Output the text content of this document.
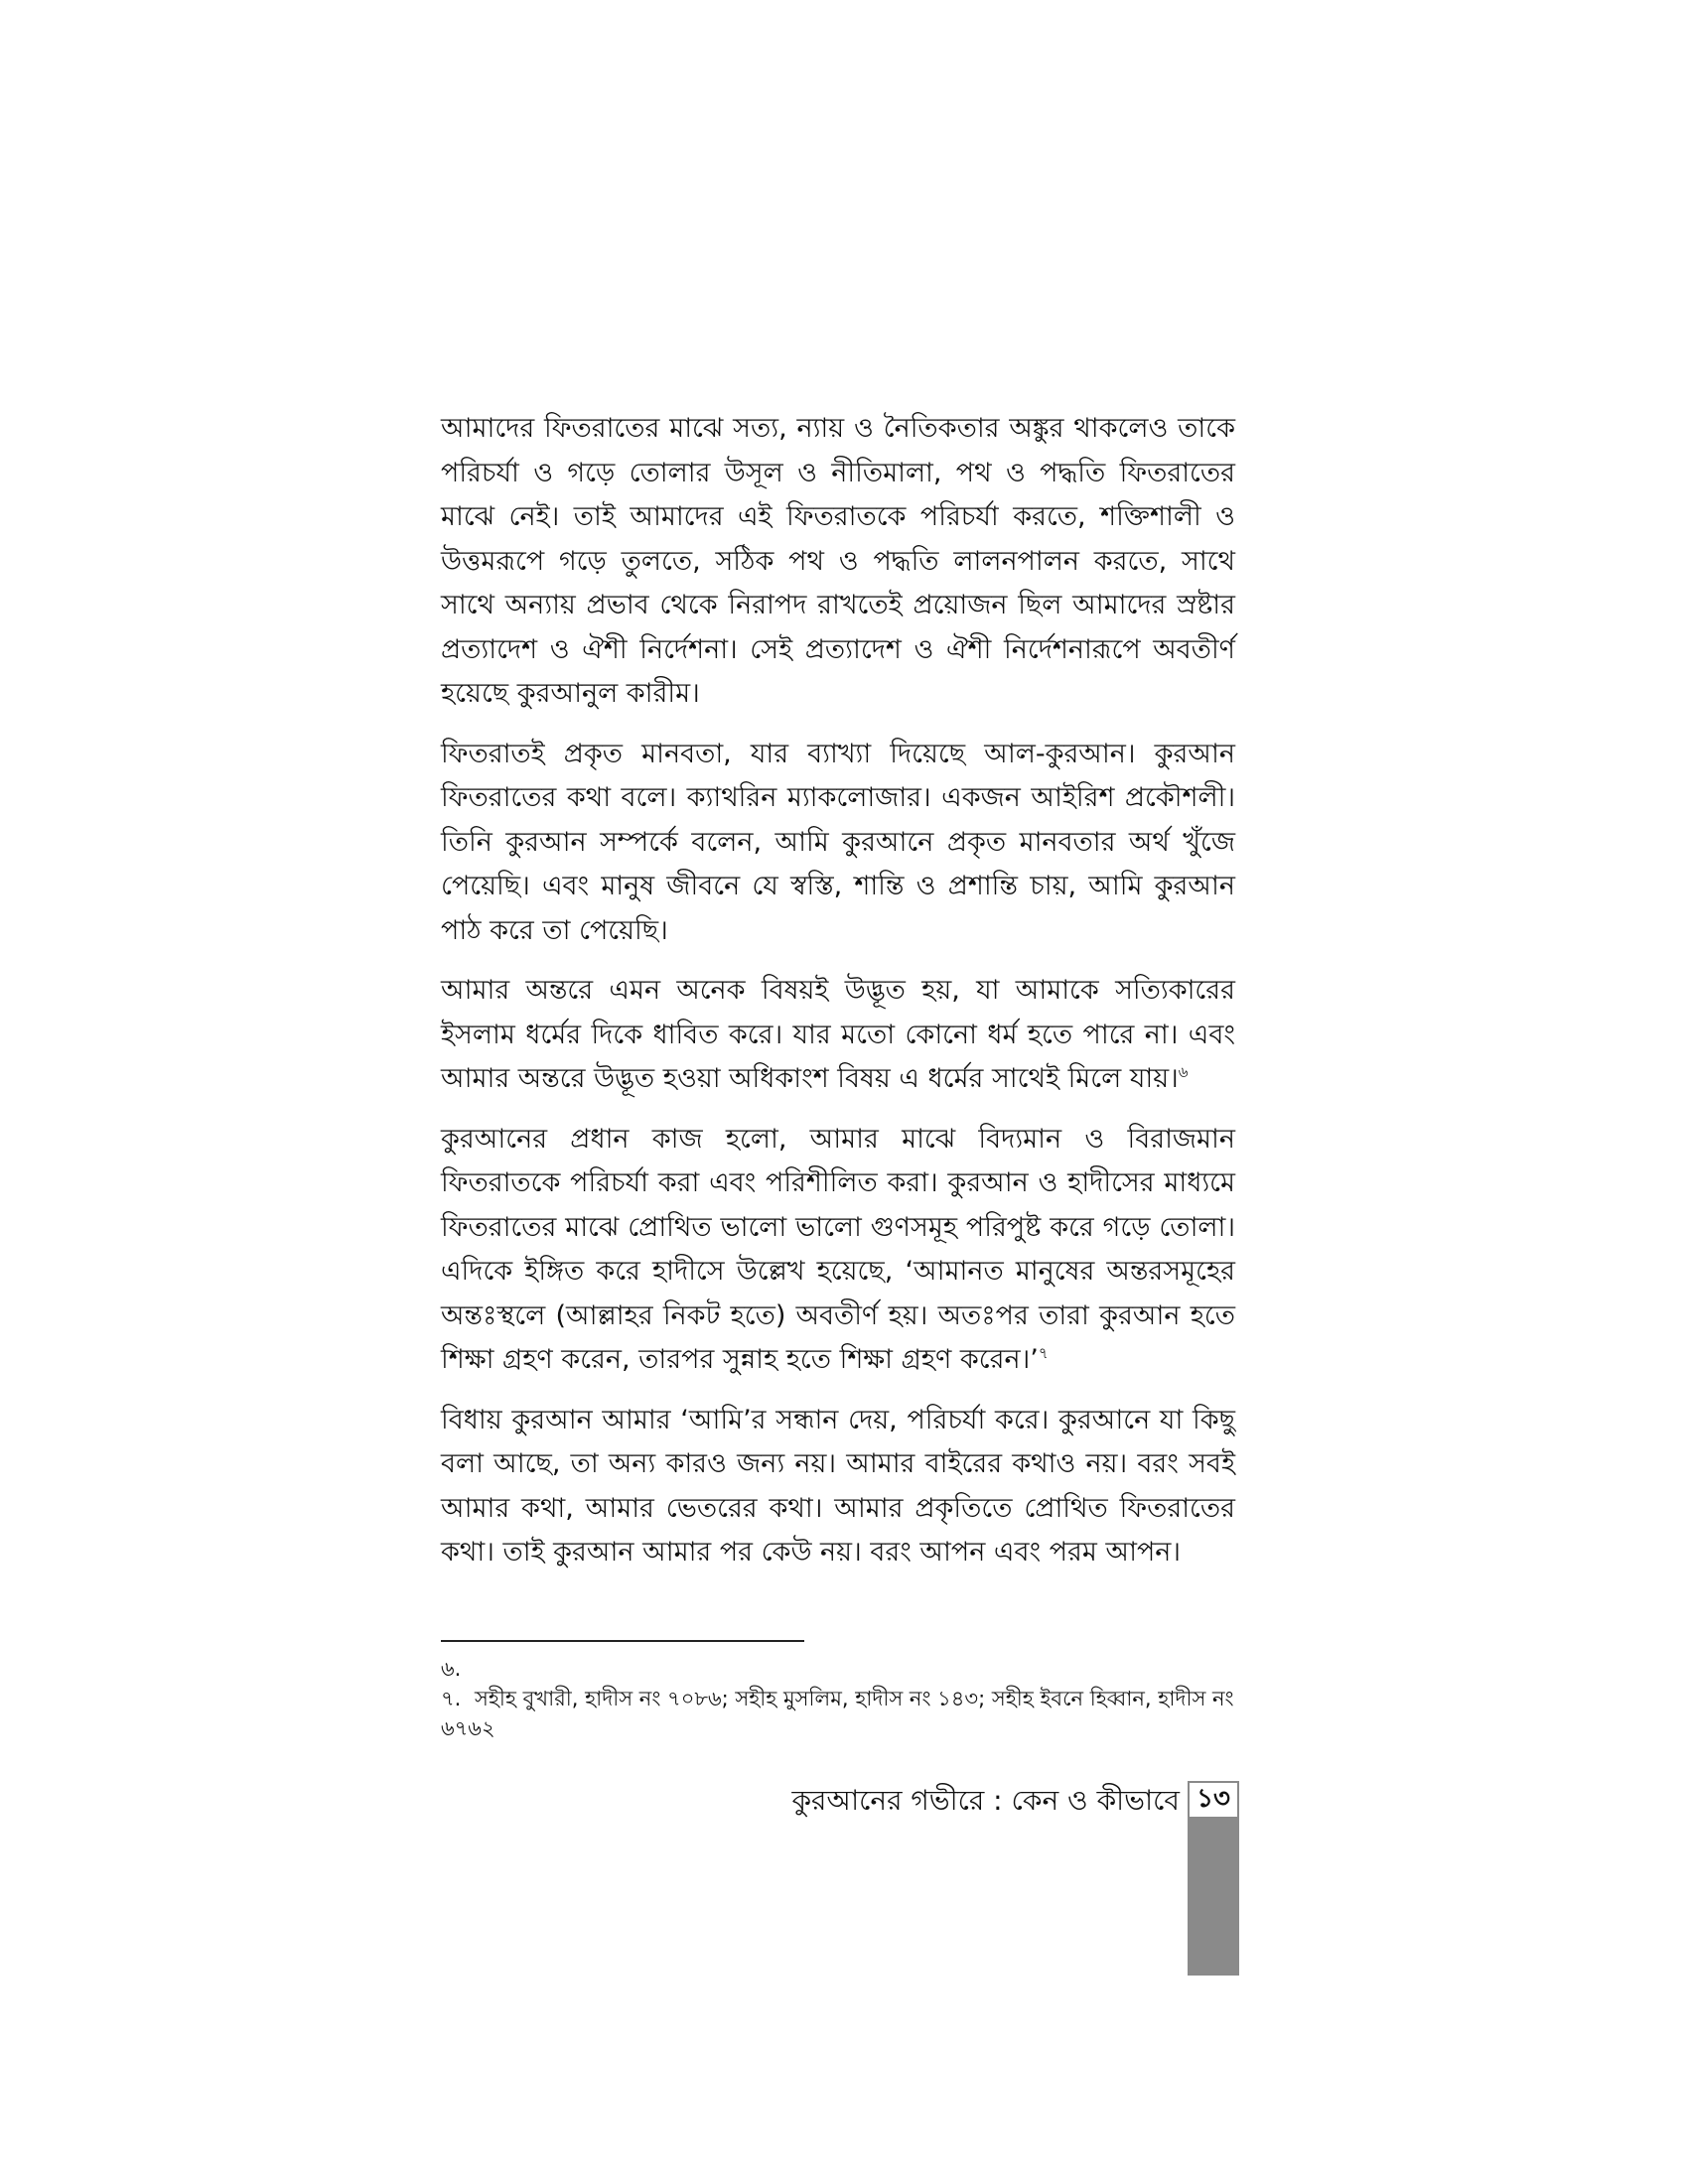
আমাদের ফিতরাতের মাঝে সত্য, ন্যায় ও নৈতিকতার অঙ্কুর থাকলেও তাকে পরিচর্যা ও গড়ে তোলার উসূল ও নীতিমালা, পথ ও পদ্ধতি ফিতরাতের মাঝে নেই। তাই আমাদের এই ফিতরাতকে পরিচর্যা করতে, শক্তিশালী ও উত্তমরূপে গড়ে তুলতে, সঠিক পথ ও পদ্ধতি লালনপালন করতে, সাথে সাথে অন্যায় প্রভাব থেকে নিরাপদ রাখতেই প্রয়োজন ছিল আমাদের স্রষ্টার প্রত্যাদেশ ও ঐশী নির্দেশনা। সেই প্রত্যাদেশ ও ঐশী নির্দেশনারূপে অবতীর্ণ হয়েছে কুরআনুল কারীম।

ফিতরাতই প্রকৃত মানবতা, যার ব্যাখ্যা দিয়েছে আল-কুরআন। কুরআন ফিতরাতের কথা বলে। ক্যাথরিন ম্যাকলোজার। একজন আইরিশ প্রকৌশলী। তিনি কুরআন সম্পর্কে বলেন, আমি কুরআনে প্রকৃত মানবতার অর্থ খুঁজে পেয়েছি। এবং মানুষ জীবনে যে স্বস্তি, শান্তি ও প্রশান্তি চায়, আমি কুরআন পাঠ করে তা পেয়েছি।

আমার অন্তরে এমন অনেক বিষয়ই উদ্ভূত হয়, যা আমাকে সত্যিকারের ইসলাম ধর্মের দিকে ধাবিত করে। যার মতো কোনো ধর্ম হতে পারে না। এবং আমার অন্তরে উদ্ভূত হওয়া অধিকাংশ বিষয় এ ধর্মের সাথেই মিলে যায়।$^৬$

কুরআনের প্রধান কাজ হলো, আমার মাঝে বিদ্যমান ও বিরাজমান ফিতরাতকে পরিচর্যা করা এবং পরিশীলিত করা। কুরআন ও হাদীসের মাধ্যমে ফিতরাতের মাঝে প্রোথিত ভালো ভালো গুণসমূহ পরিপুষ্ট করে গড়ে তোলা। এদিকে ইঙ্গিত করে হাদীসে উল্লেখ হয়েছে, ‘আমানত মানুষের অন্তরসমূহের অন্তঃস্থলে (আল্লাহর নিকট হতে) অবতীর্ণ হয়। অতঃপর তারা কুরআন হতে শিক্ষা গ্রহণ করেন, তারপর সুন্নাহ হতে শিক্ষা গ্রহণ করেন।’$^৭$

বিধায় কুরআন আমার ‘আমি’র সন্ধান দেয়, পরিচর্যা করে। কুরআনে যা কিছু বলা আছে, তা অন্য কারও জন্য নয়। আমার বাইরের কথাও নয়। বরং সবই আমার কথা, আমার ভেতরের কথা। আমার প্রকৃতিতে প্রোথিত ফিতরাতের কথা। তাই কুরআন আমার পর কেউ নয়। বরং আপন এবং পরম আপন।

৬.

৭. সহীহ বুখারী, হাদীস নং ৭০৮৬; সহীহ মুসলিম, হাদীস নং ১৪৩; সহীহ ইবনে হিব্বান, হাদীস নং ৬৭৬২

কুরআনের গভীরে : কেন ও কীভাবে ১৩
